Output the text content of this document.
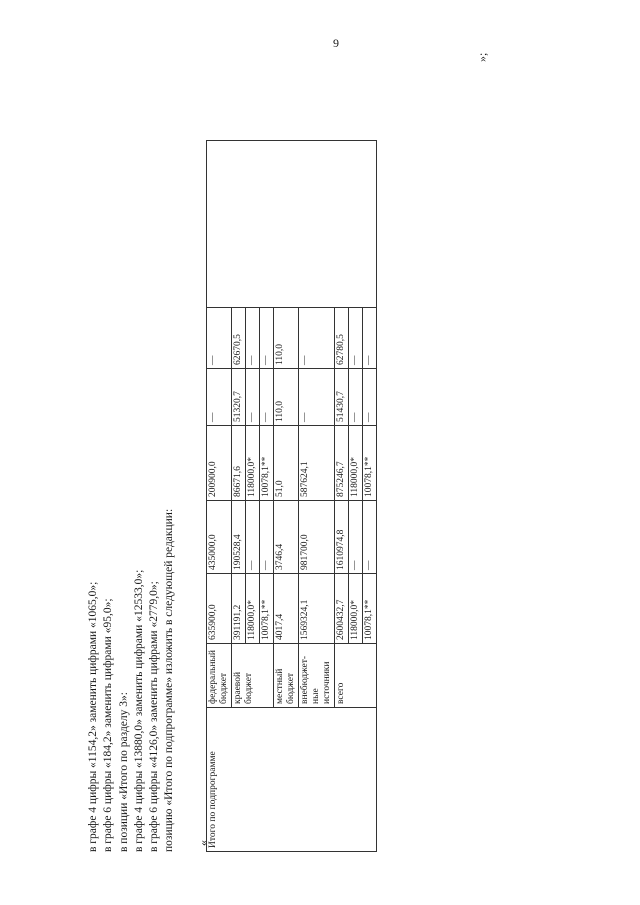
9
»;
«
в графе 4 цифры «1154,2» заменить цифрами «1065,0»; в графе 6 цифры «184,2» заменить цифрами «95,0»; в позиции «Итого по разделу 3»: в графе 4 цифры «13880,0» заменить цифрами «12533,0»; в графе 6 цифры «4126,0» заменить цифрами «2779,0»; позицию «Итого по подпрограмме» изложить в следующей редакции:	Итого по подпрограмме	федеральный бюджет	635900,0	435000,0	200900,0	—	—	
	краевой бюджет	391191,2	190528,4	86671,6	51320,7	62670,5	
		118000,0*	—	118000,0*	—	—	
		10078,1**	—	10078,1**	—	—	
	местный бюджет	4017,4	3746,4	51,0	110,0	110,0	
	внебюджет-ные источники	1569324,1	981700,0	587624,1	—	—	
	всего	2600432,7	1610974,8	875246,7	51430,7	62780,5	
		118000,0*	—	118000,0*	—	—	
		10078,1**	—	10078,1**	—	—	
